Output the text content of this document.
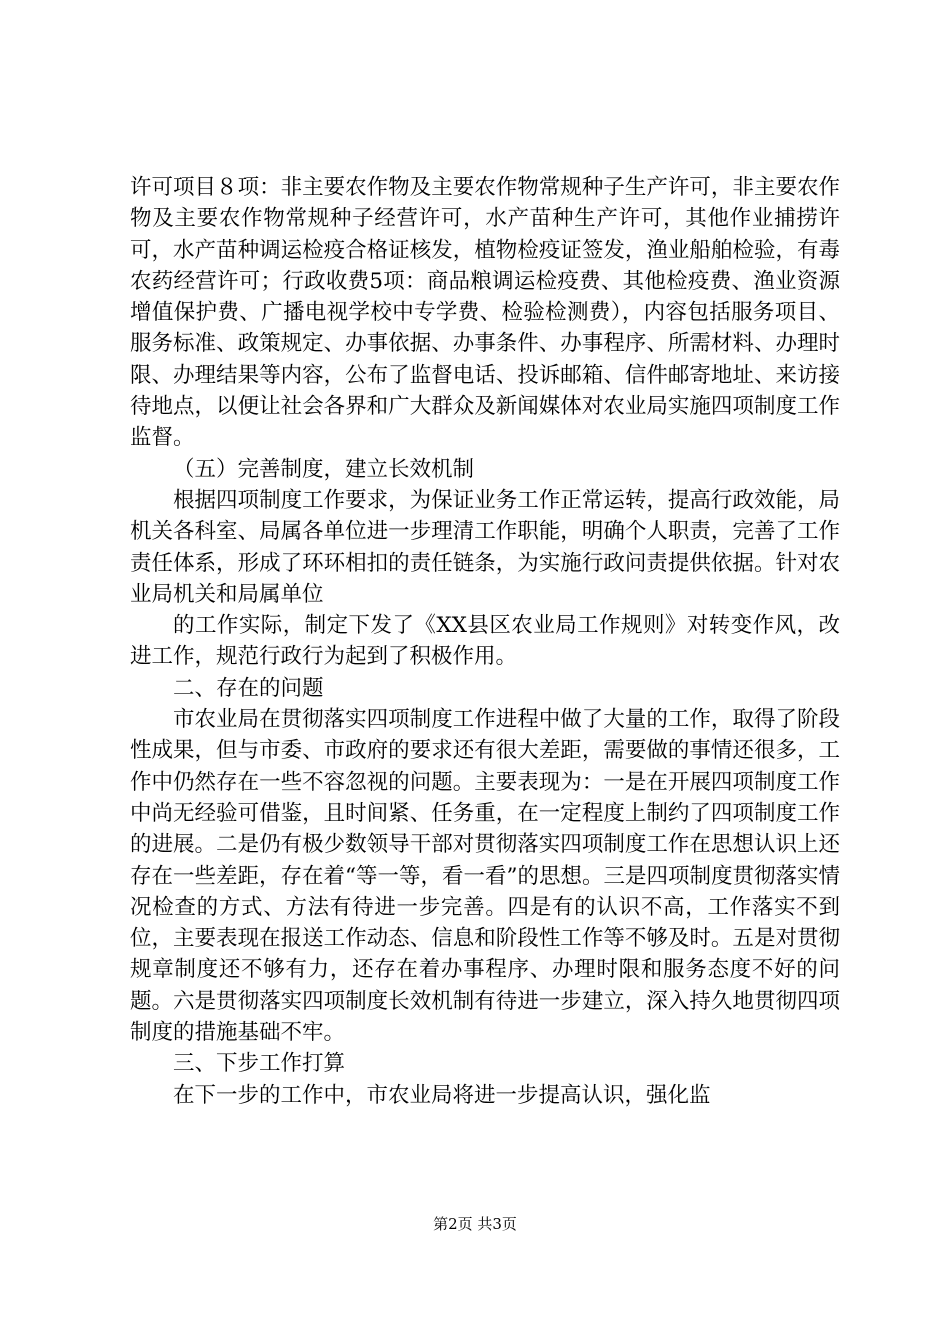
许可项目８项：非主要农作物及主要农作物常规种子生产许可，非主要农作物及主要农作物常规种子经营许可，水产苗种生产许可，其他作业捕捞许可，水产苗种调运检疫合格证核发，植物检疫证签发，渔业船舶检验，有毒农药经营许可；行政收费5项：商品粮调运检疫费、其他检疫费、渔业资源增值保护费、广播电视学校中专学费、检验检测费），内容包括服务项目、服务标准、政策规定、办事依据、办事条件、办事程序、所需材料、办理时限、办理结果等内容，公布了监督电话、投诉邮箱、信件邮寄地址、来访接待地点，以便让社会各界和广大群众及新闻媒体对农业局实施四项制度工作监督。

（五）完善制度，建立长效机制

根据四项制度工作要求，为保证业务工作正常运转，提高行政效能，局机关各科室、局属各单位进一步理清工作职能，明确个人职责，完善了工作责任体系，形成了环环相扣的责任链条，为实施行政问责提供依据。针对农业局机关和局属单位

的工作实际，制定下发了《XX县区农业局工作规则》对转变作风，改进工作，规范行政行为起到了积极作用。

二、存在的问题

市农业局在贯彻落实四项制度工作进程中做了大量的工作，取得了阶段性成果，但与市委、市政府的要求还有很大差距，需要做的事情还很多，工作中仍然存在一些不容忽视的问题。主要表现为：一是在开展四项制度工作中尚无经验可借鉴，且时间紧、任务重，在一定程度上制约了四项制度工作的进展。二是仍有极少数领导干部对贯彻落实四项制度工作在思想认识上还存在一些差距，存在着“等一等，看一看”的思想。三是四项制度贯彻落实情况检查的方式、方法有待进一步完善。四是有的认识不高，工作落实不到位，主要表现在报送工作动态、信息和阶段性工作等不够及时。五是对贯彻规章制度还不够有力，还存在着办事程序、办理时限和服务态度不好的问题。六是贯彻落实四项制度长效机制有待进一步建立，深入持久地贯彻四项制度的措施基础不牢。

三、下步工作打算

在下一步的工作中，市农业局将进一步提高认识，强化监

第2页 共3页
